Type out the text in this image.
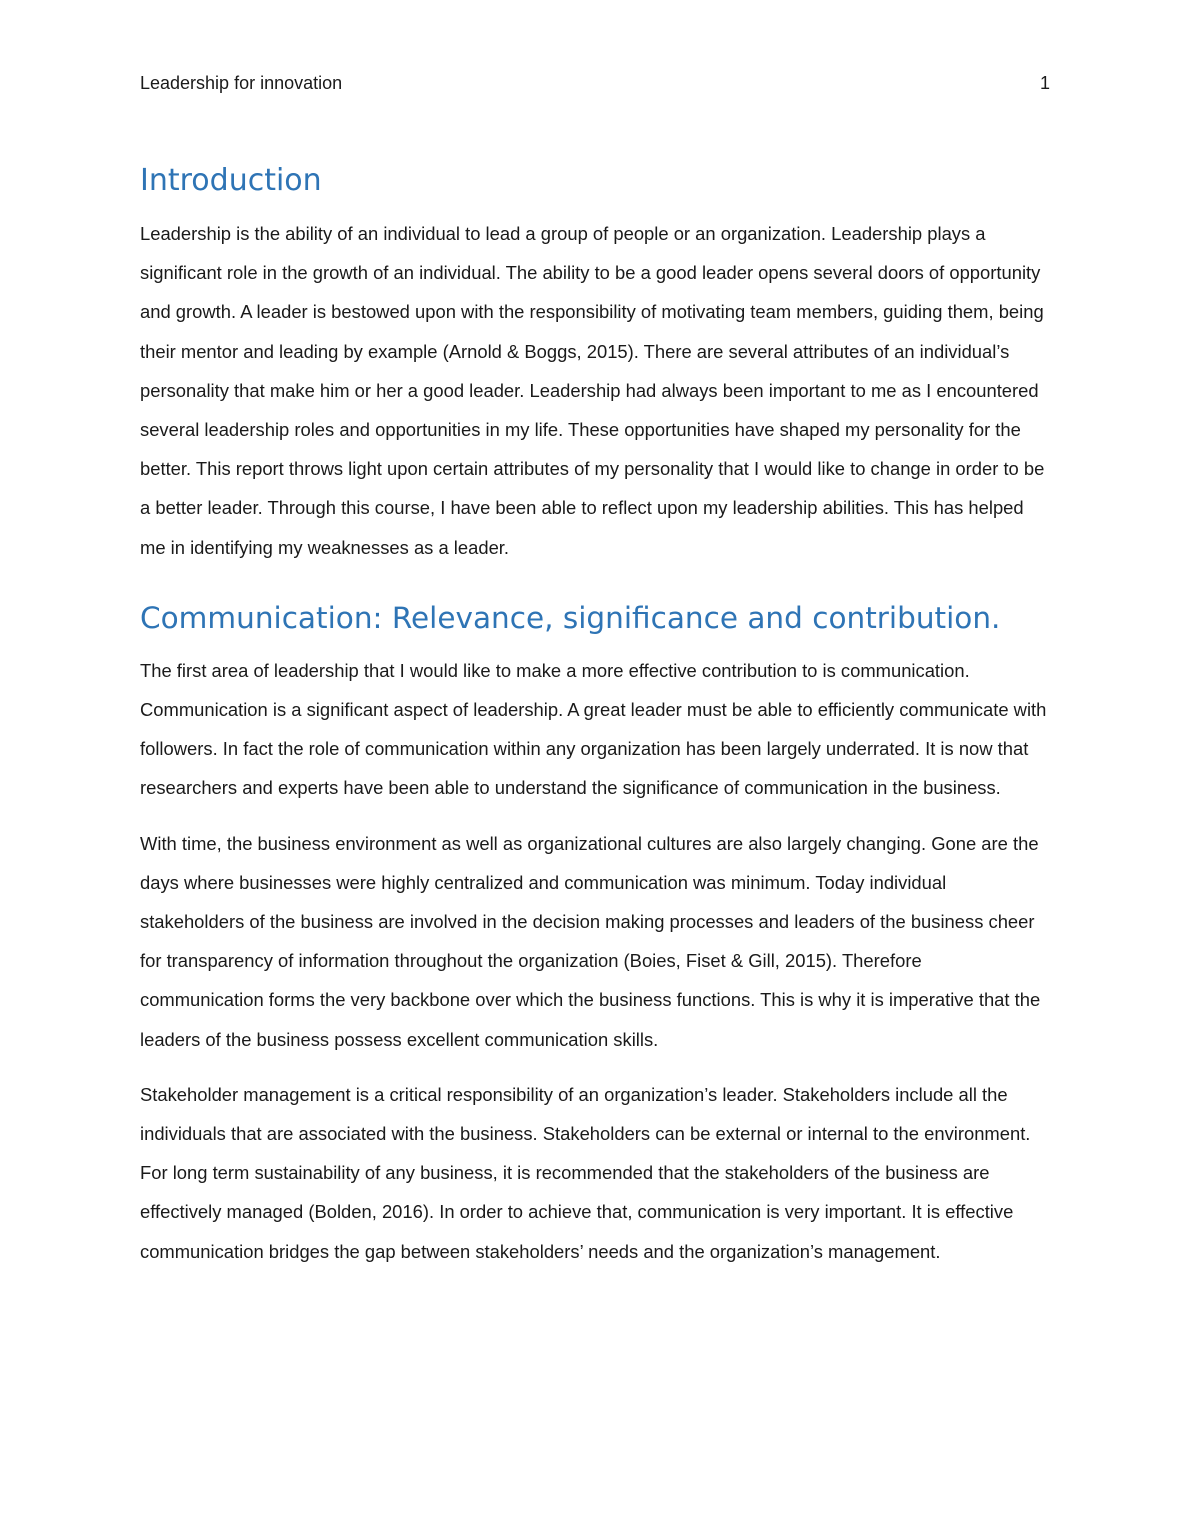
Leadership for innovation	1
Introduction

Leadership is the ability of an individual to lead a group of people or an organization. Leadership plays a significant role in the growth of an individual. The ability to be a good leader opens several doors of opportunity and growth. A leader is bestowed upon with the responsibility of motivating team members, guiding them, being their mentor and leading by example (Arnold & Boggs, 2015). There are several attributes of an individual’s personality that make him or her a good leader. Leadership had always been important to me as I encountered several leadership roles and opportunities in my life. These opportunities have shaped my personality for the better. This report throws light upon certain attributes of my personality that I would like to change in order to be a better leader. Through this course, I have been able to reflect upon my leadership abilities. This has helped me in identifying my weaknesses as a leader.

Communication: Relevance, significance and contribution.

The first area of leadership that I would like to make a more effective contribution to is communication. Communication is a significant aspect of leadership. A great leader must be able to efficiently communicate with followers. In fact the role of communication within any organization has been largely underrated. It is now that researchers and experts have been able to understand the significance of communication in the business.

With time, the business environment as well as organizational cultures are also largely changing. Gone are the days where businesses were highly centralized and communication was minimum. Today individual stakeholders of the business are involved in the decision making processes and leaders of the business cheer for transparency of information throughout the organization (Boies, Fiset & Gill, 2015). Therefore communication forms the very backbone over which the business functions. This is why it is imperative that the leaders of the business possess excellent communication skills.

Stakeholder management is a critical responsibility of an organization’s leader. Stakeholders include all the individuals that are associated with the business. Stakeholders can be external or internal to the environment. For long term sustainability of any business, it is recommended that the stakeholders of the business are effectively managed (Bolden, 2016). In order to achieve that, communication is very important. It is effective communication bridges the gap between stakeholders’ needs and the organization’s management.
